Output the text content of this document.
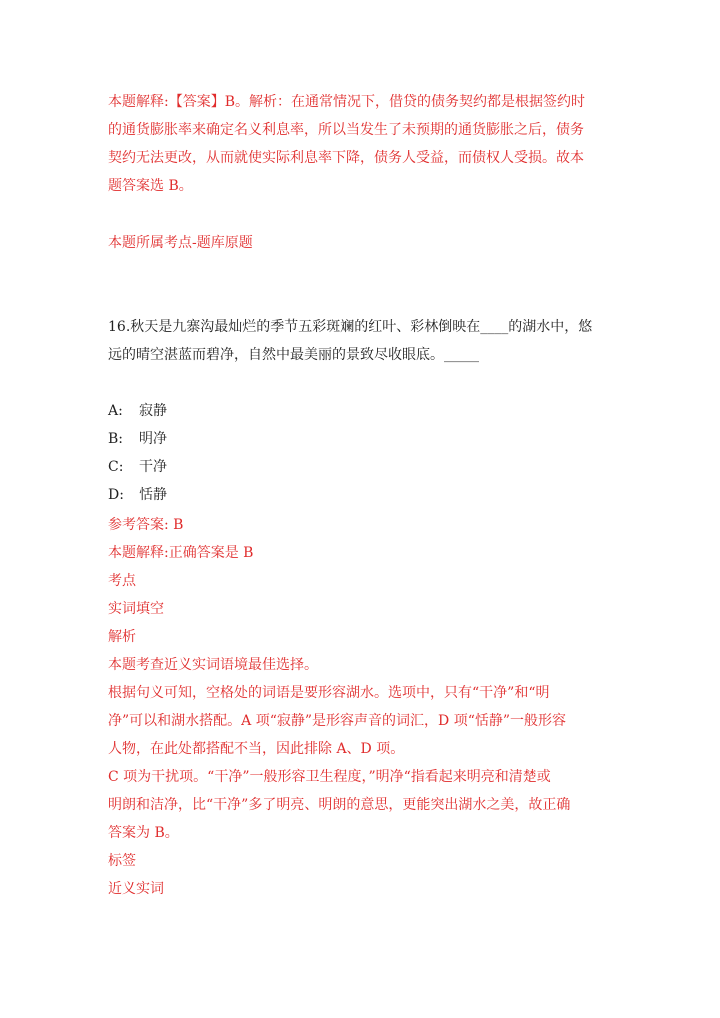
本题解释:【答案】B。解析：在通常情况下，借贷的债务契约都是根据签约时
的通货膨胀率来确定名义利息率，所以当发生了未预期的通货膨胀之后，债务
契约无法更改，从而就使实际利息率下降，债务人受益，而债权人受损。故本
题答案选 B。
本题所属考点-题库原题
16.秋天是九寨沟最灿烂的季节五彩斑斓的红叶、彩林倒映在____的湖水中，悠
远的晴空湛蓝而碧净，自然中最美丽的景致尽收眼底。_____
A: 寂静
B: 明净
C: 干净
D: 恬静
参考答案: B
本题解释:正确答案是 B
考点
实词填空
解析
本题考查近义实词语境最佳选择。
根据句义可知，空格处的词语是要形容湖水。选项中，只有“干净”和“明
净”可以和湖水搭配。A 项“寂静”是形容声音的词汇，D 项“恬静”一般形容
人物，在此处都搭配不当，因此排除 A、D 项。
C 项为干扰项。“干净”一般形容卫生程度，”明净“指看起来明亮和清楚或
明朗和洁净，比“干净”多了明亮、明朗的意思，更能突出湖水之美，故正确
答案为 B。
标签
近义实词
